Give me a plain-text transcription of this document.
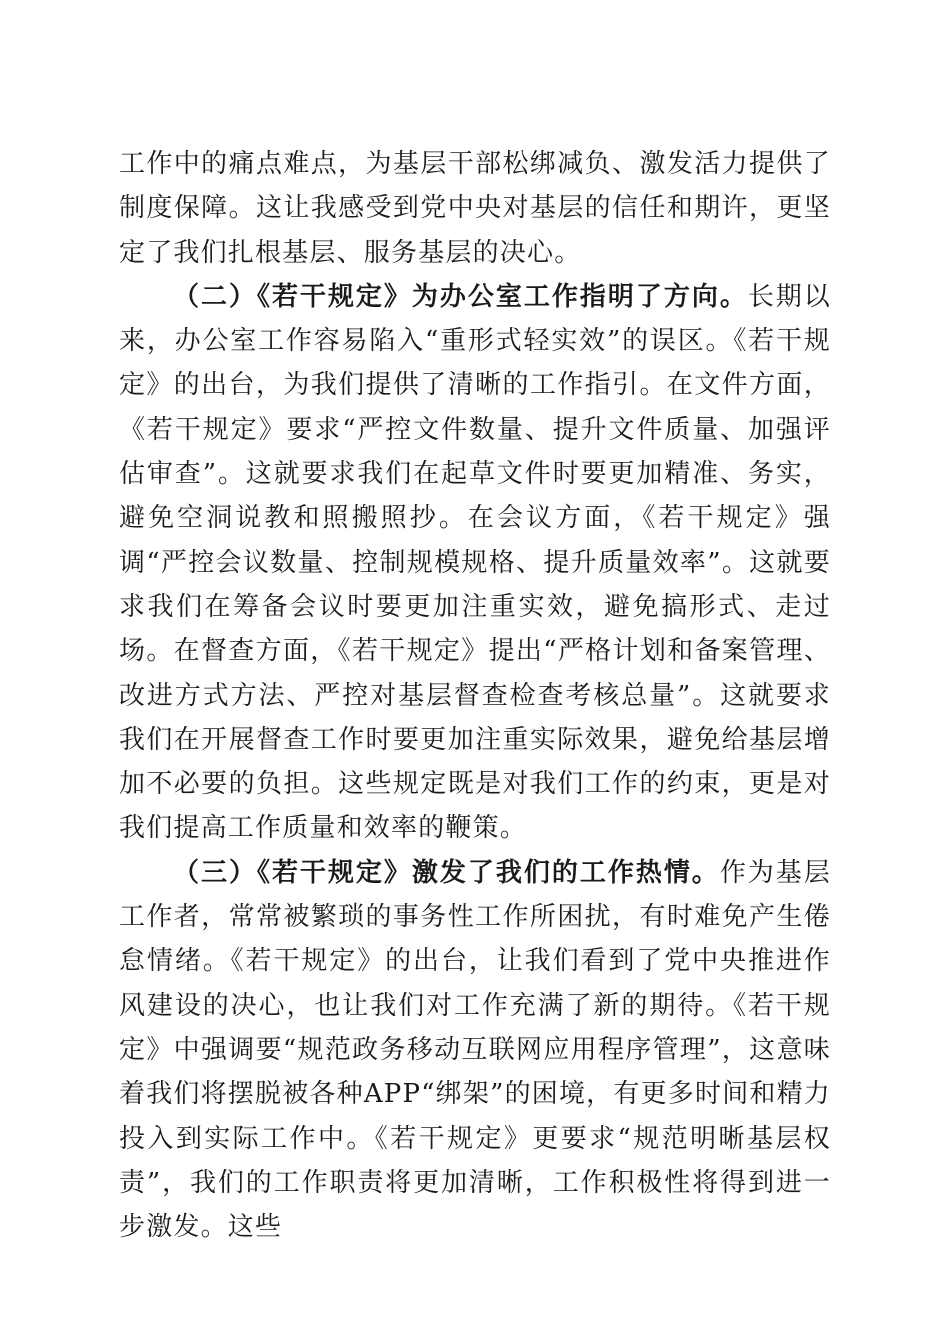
工作中的痛点难点，为基层干部松绑减负、激发活力提供了制度保障。这让我感受到党中央对基层的信任和期许，更坚定了我们扎根基层、服务基层的决心。

（二）《若干规定》为办公室工作指明了方向。长期以来，办公室工作容易陷入“重形式轻实效”的误区。《若干规定》的出台，为我们提供了清晰的工作指引。在文件方面，《若干规定》要求“严控文件数量、提升文件质量、加强评估审查”。这就要求我们在起草文件时要更加精准、务实，避免空洞说教和照搬照抄。在会议方面，《若干规定》强调“严控会议数量、控制规模规格、提升质量效率”。这就要求我们在筹备会议时要更加注重实效，避免搞形式、走过场。在督查方面，《若干规定》提出“严格计划和备案管理、改进方式方法、严控对基层督查检查考核总量”。这就要求我们在开展督查工作时要更加注重实际效果，避免给基层增加不必要的负担。这些规定既是对我们工作的约束，更是对我们提高工作质量和效率的鞭策。

（三）《若干规定》激发了我们的工作热情。作为基层工作者，常常被繁琐的事务性工作所困扰，有时难免产生倦怠情绪。《若干规定》的出台，让我们看到了党中央推进作风建设的决心，也让我们对工作充满了新的期待。《若干规定》中强调要“规范政务移动互联网应用程序管理”，这意味着我们将摆脱被各种APP“绑架”的困境，有更多时间和精力投入到实际工作中。《若干规定》更要求“规范明晰基层权责”，我们的工作职责将更加清晰，工作积极性将得到进一步激发。这些
